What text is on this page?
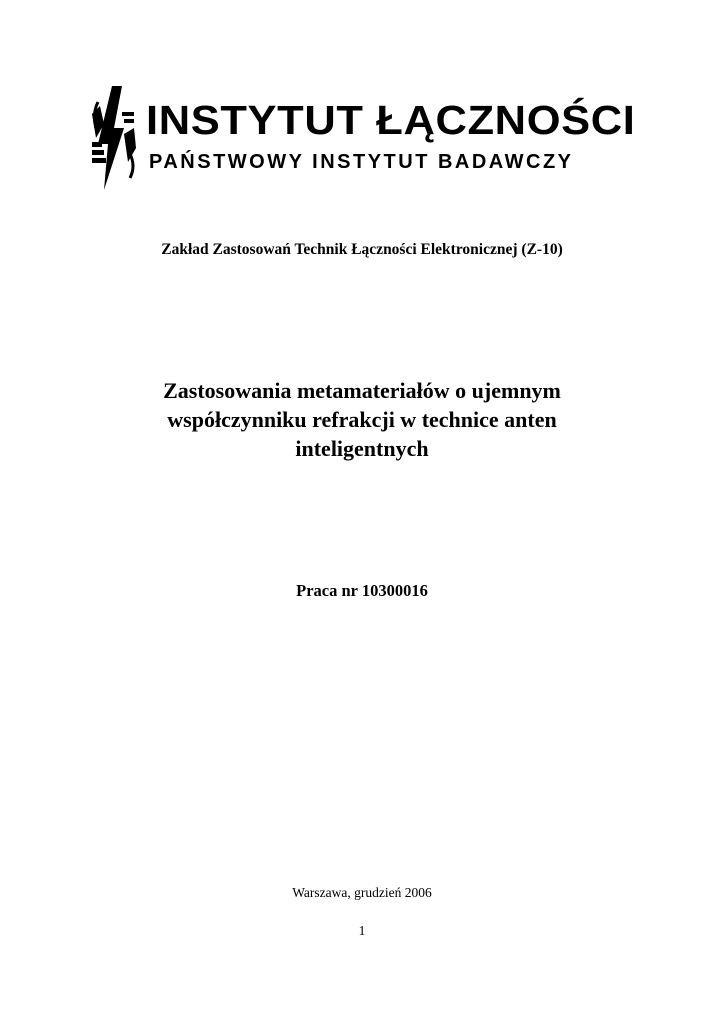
INSTYTUT ŁĄCZNOŚCI
PAŃSTWOWY INSTYTUT BADAWCZY
Zakład Zastosowań Technik Łączności Elektronicznej (Z-10)
Zastosowania metamateriałów o ujemnym współczynniku refrakcji w technice anten inteligentnych
Praca nr 10300016
Warszawa, grudzień 2006
1
